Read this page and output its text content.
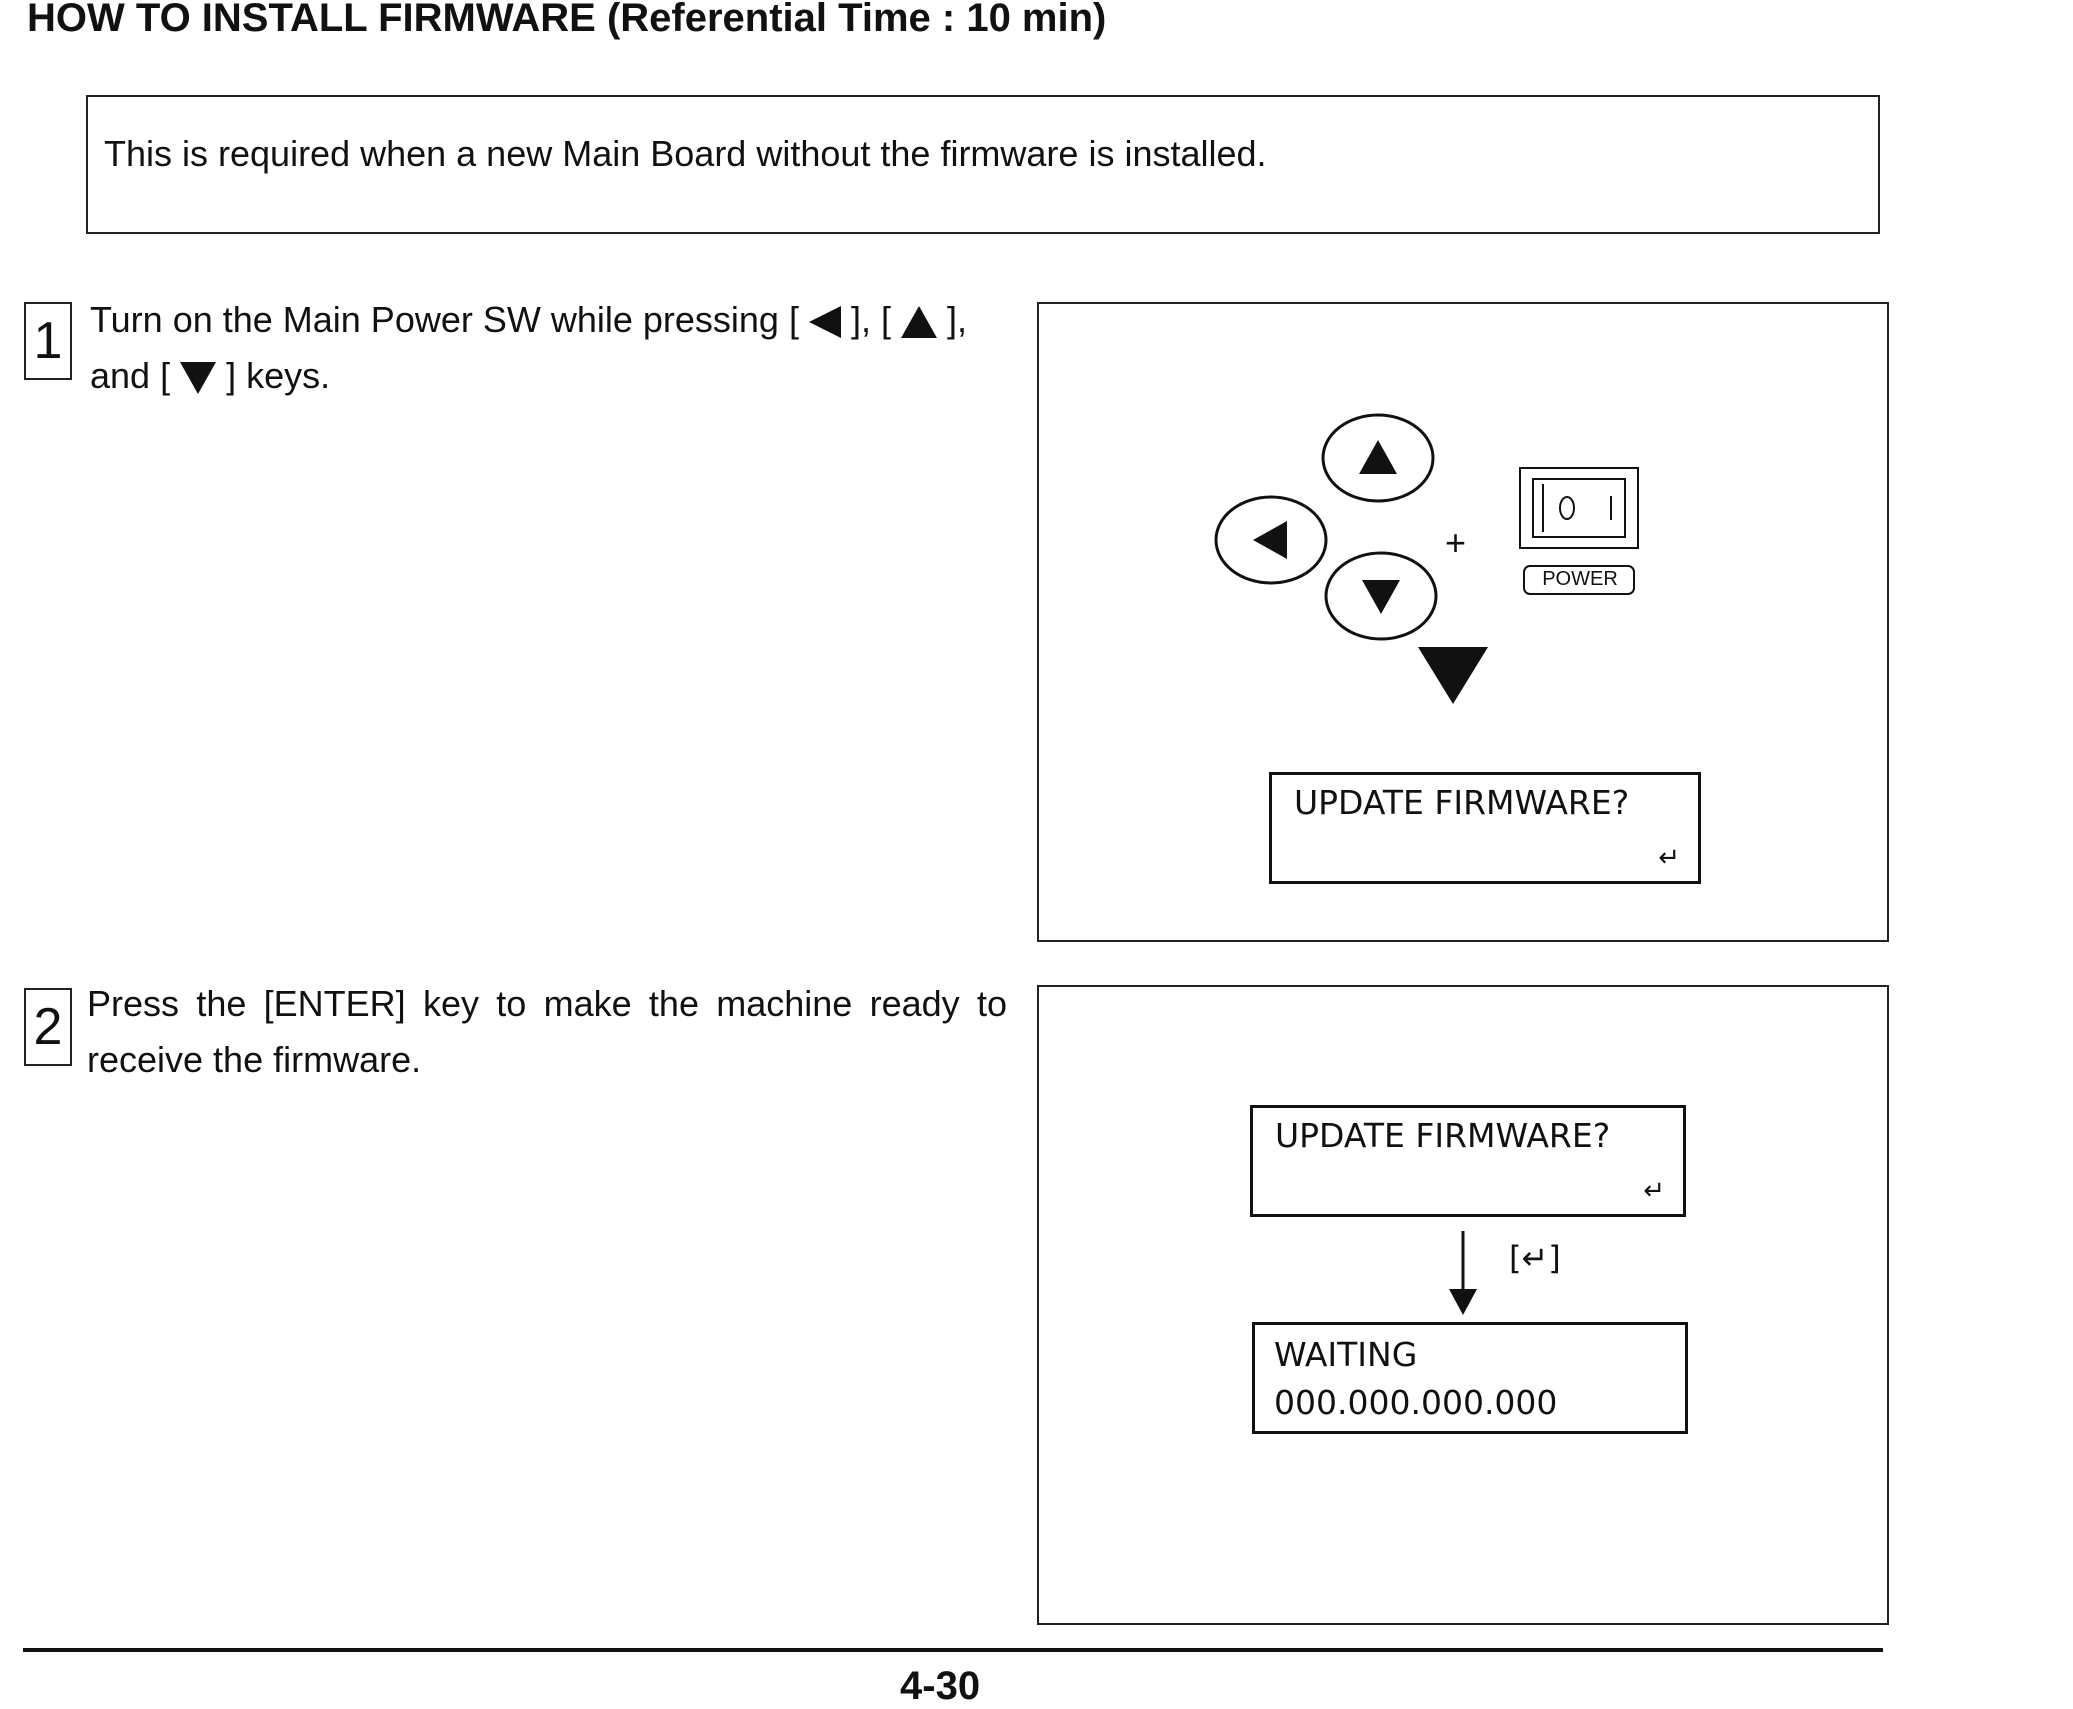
HOW TO INSTALL FIRMWARE (Referential Time : 10 min)
This is required when a new Main Board without the firmware is installed.
1 Turn on the Main Power SW while pressing [ ], [ ],
and [ ] keys.
+
POWER
UPDATE FIRMWARE?
↵
2 Press the [ENTER] key to make the machine ready to receive the firmware.
UPDATE FIRMWARE?
↵
[↵]
WAITING
000.000.000.000
4-30
